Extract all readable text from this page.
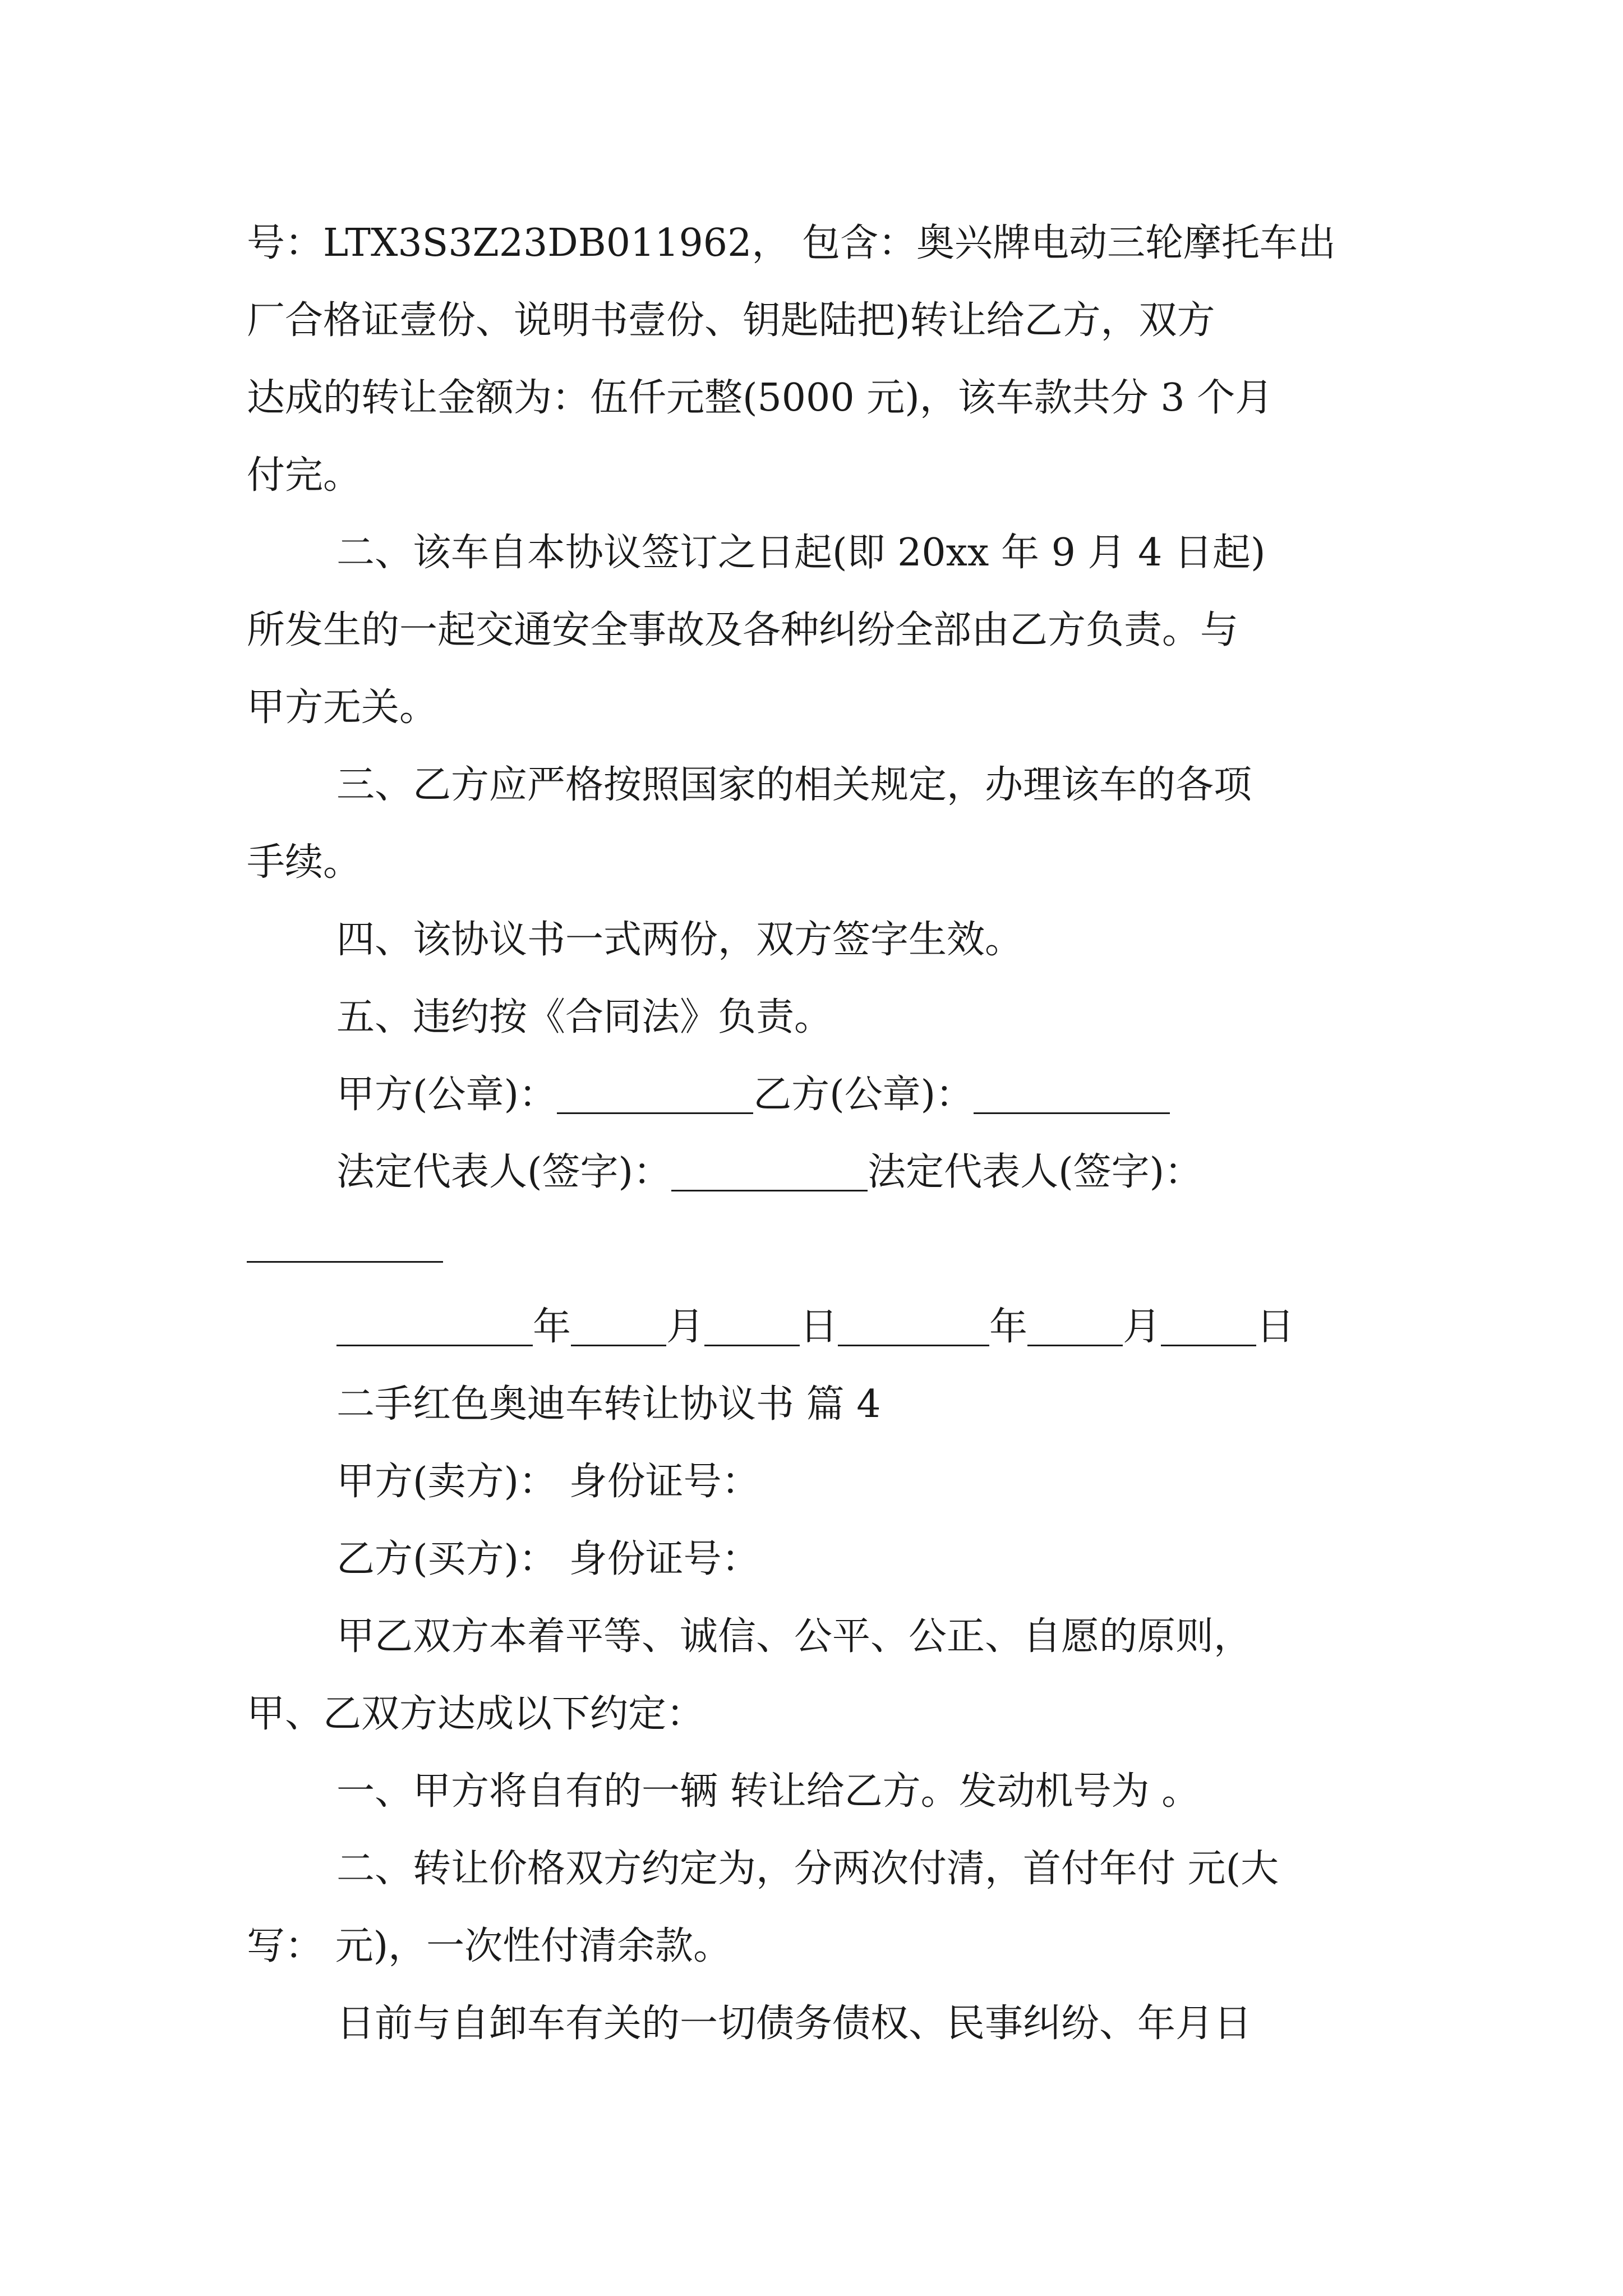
号：LTX3S3Z23DB011962， 包含：奥兴牌电动三轮摩托车出
厂合格证壹份、说明书壹份、钥匙陆把)转让给乙方，双方
达成的转让金额为：伍仟元整(5000 元)，该车款共分 3 个月
付完。
二、该车自本协议签订之日起(即 20xx 年 9 月 4 日起)
所发生的一起交通安全事故及各种纠纷全部由乙方负责。与
甲方无关。
三、乙方应严格按照国家的相关规定，办理该车的各项
手续。
四、该协议书一式两份，双方签字生效。
五、违约按《合同法》负责。
甲方(公章)：	乙方(公章)：
法定代表人(签字)：	法定代表人(签字)：
年	月	日	年	月	日
二手红色奥迪车转让协议书 篇 4
甲方(卖方)： 身份证号：
乙方(买方)： 身份证号：
甲乙双方本着平等、诚信、公平、公正、自愿的原则，
甲、乙双方达成以下约定：
一、甲方将自有的一辆 转让给乙方。发动机号为 。
二、转让价格双方约定为，分两次付清，首付年付 元(大
写： 元)，一次性付清余款。
日前与自卸车有关的一切债务债权、民事纠纷、年月日
